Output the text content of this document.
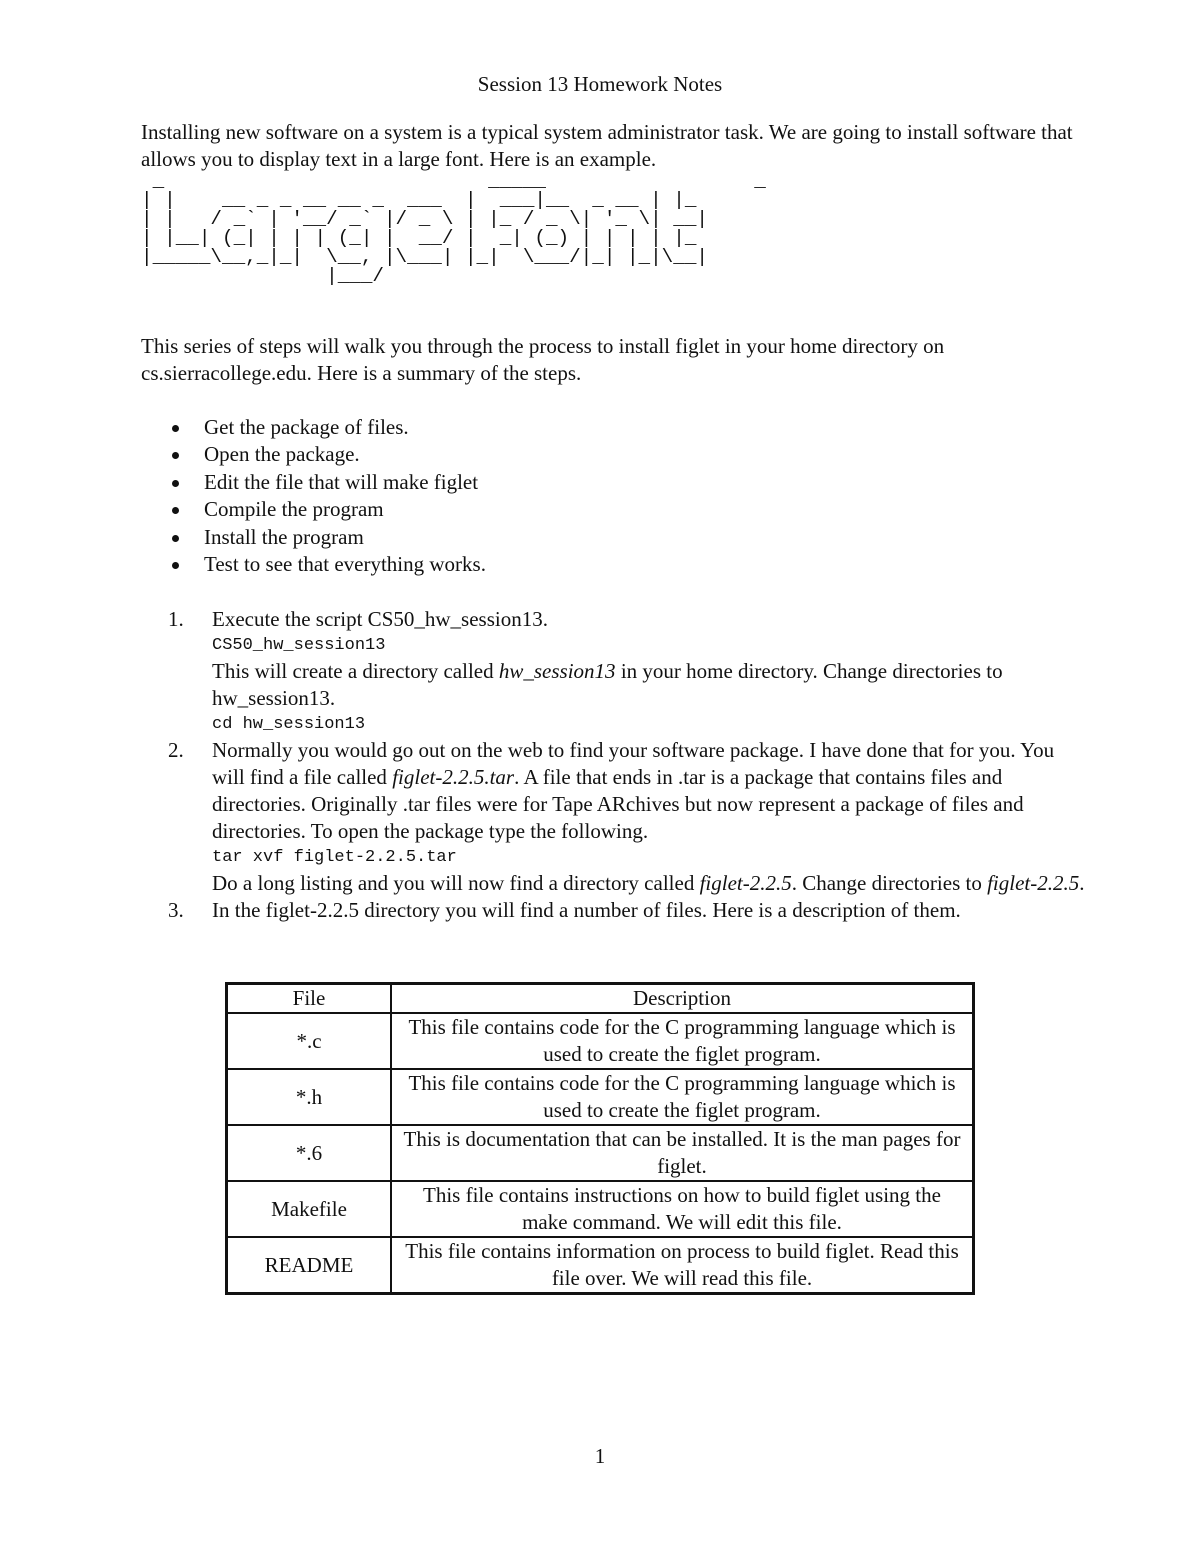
Session 13 Homework Notes
Installing new software on a system is a typical system administrator task. We are going to install software that allows you to display text in a large font. Here is an example.
_                            _____                  _
| |    __ _ _ __ __ _  ___  |  ___|__  _ __ | |_
| |   / _` | '__/ _` |/ _ \ | |_ / _ \| '_ \| __|
| |__| (_| | | | (_| |  __/ |  _| (_) | | | | |_
|_____\__,_|_|  \__, |\___| |_|  \___/|_| |_|\__|
|___/
This series of steps will walk you through the process to install figlet in your home directory on cs.sierracollege.edu. Here is a summary of the steps.
Get the package of files.
Open the package.
Edit the file that will make figlet
Compile the program
Install the program
Test to see that everything works.
1. Execute the script CS50_hw_session13.
CS50_hw_session13
This will create a directory called hw_session13 in your home directory. Change directories to hw_session13.
cd hw_session13
2. Normally you would go out on the web to find your software package. I have done that for you. You will find a file called figlet-2.2.5.tar. A file that ends in .tar is a package that contains files and directories. Originally .tar files were for Tape ARchives but now represent a package of files and directories. To open the package type the following.
tar xvf figlet-2.2.5.tar
Do a long listing and you will now find a directory called figlet-2.2.5. Change directories to figlet-2.2.5.
3. In the figlet-2.2.5 directory you will find a number of files. Here is a description of them.
File	Description
*.c	This file contains code for the C programming language which is used to create the figlet program.
*.h	This file contains code for the C programming language which is used to create the figlet program.
*.6	This is documentation that can be installed. It is the man pages for figlet.
Makefile	This file contains instructions on how to build figlet using the make command. We will edit this file.
README	This file contains information on process to build figlet. Read this file over. We will read this file.
1
